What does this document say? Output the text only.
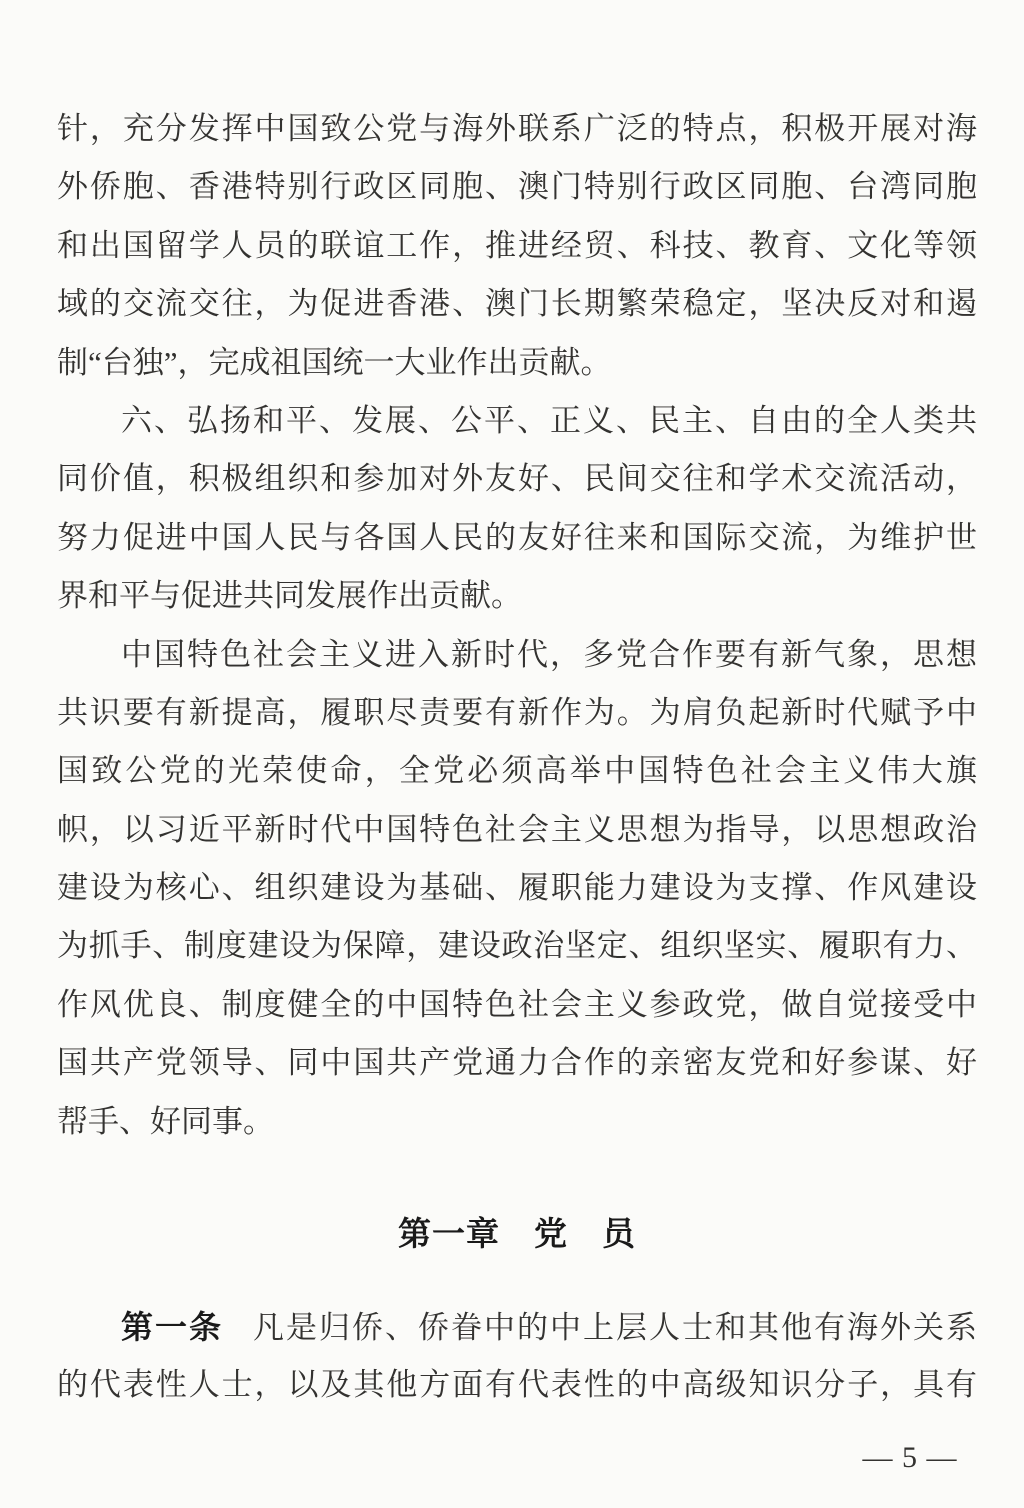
针，充分发挥中国致公党与海外联系广泛的特点，积极开展对海
外侨胞、香港特别行政区同胞、澳门特别行政区同胞、台湾同胞
和出国留学人员的联谊工作，推进经贸、科技、教育、文化等领
域的交流交往，为促进香港、澳门长期繁荣稳定，坚决反对和遏
制“台独”，完成祖国统一大业作出贡献。
六、弘扬和平、发展、公平、正义、民主、自由的全人类共
同价值，积极组织和参加对外友好、民间交往和学术交流活动，
努力促进中国人民与各国人民的友好往来和国际交流，为维护世
界和平与促进共同发展作出贡献。
中国特色社会主义进入新时代，多党合作要有新气象，思想
共识要有新提高，履职尽责要有新作为。为肩负起新时代赋予中
国致公党的光荣使命，全党必须高举中国特色社会主义伟大旗
帜，以习近平新时代中国特色社会主义思想为指导，以思想政治
建设为核心、组织建设为基础、履职能力建设为支撑、作风建设
为抓手、制度建设为保障，建设政治坚定、组织坚实、履职有力、
作风优良、制度健全的中国特色社会主义参政党，做自觉接受中
国共产党领导、同中国共产党通力合作的亲密友党和好参谋、好
帮手、好同事。
第一章　党　员
第一条 凡是归侨、侨眷中的中上层人士和其他有海外关系
的代表性人士，以及其他方面有代表性的中高级知识分子，具有
— 5 —
